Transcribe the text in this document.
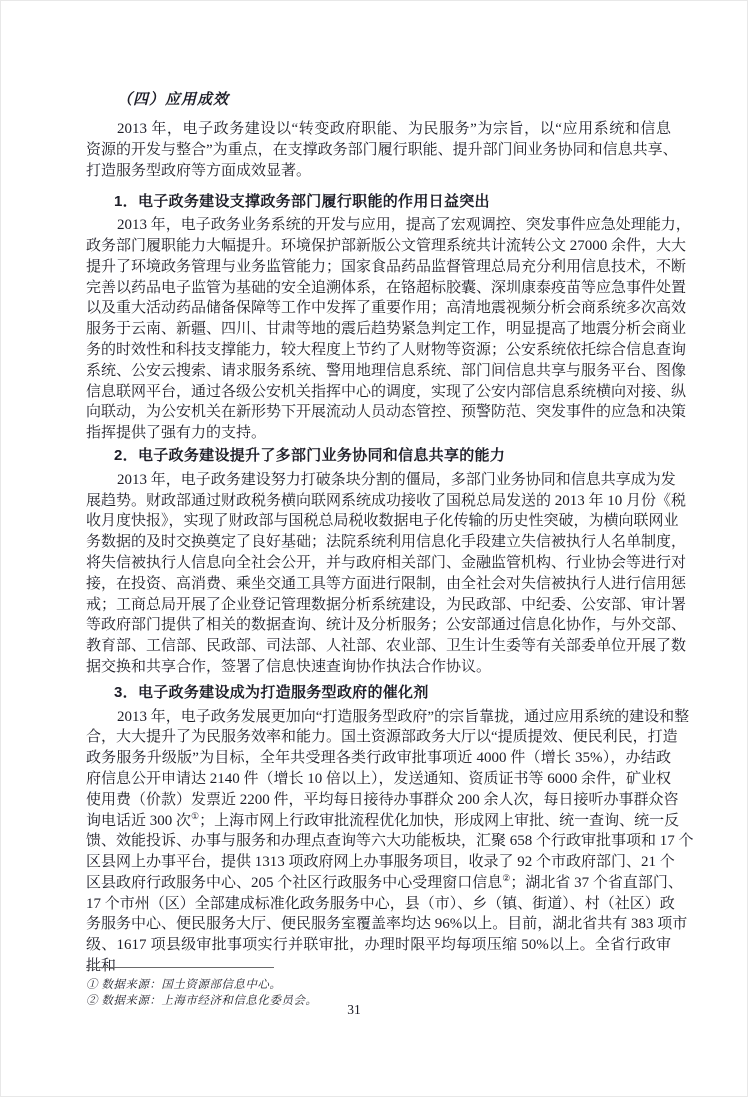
（四）应用成效
2013 年，电子政务建设以“转变政府职能、为民服务”为宗旨，以“应用系统和信息
资源的开发与整合”为重点，在支撑政务部门履行职能、提升部门间业务协同和信息共享、
打造服务型政府等方面成效显著。
1．电子政务建设支撑政务部门履行职能的作用日益突出
2013 年，电子政务业务系统的开发与应用，提高了宏观调控、突发事件应急处理能力，
政务部门履职能力大幅提升。环境保护部新版公文管理系统共计流转公文 27000 余件，大大
提升了环境政务管理与业务监管能力；国家食品药品监督管理总局充分利用信息技术，不断
完善以药品电子监管为基础的安全追溯体系，在铬超标胶囊、深圳康泰疫苗等应急事件处置
以及重大活动药品储备保障等工作中发挥了重要作用；高清地震视频分析会商系统多次高效
服务于云南、新疆、四川、甘肃等地的震后趋势紧急判定工作，明显提高了地震分析会商业
务的时效性和科技支撑能力，较大程度上节约了人财物等资源；公安系统依托综合信息查询
系统、公安云搜索、请求服务系统、警用地理信息系统、部门间信息共享与服务平台、图像
信息联网平台，通过各级公安机关指挥中心的调度，实现了公安内部信息系统横向对接、纵
向联动，为公安机关在新形势下开展流动人员动态管控、预警防范、突发事件的应急和决策
指挥提供了强有力的支持。
2．电子政务建设提升了多部门业务协同和信息共享的能力
2013 年，电子政务建设努力打破条块分割的僵局，多部门业务协同和信息共享成为发
展趋势。财政部通过财政税务横向联网系统成功接收了国税总局发送的 2013 年 10 月份《税
收月度快报》，实现了财政部与国税总局税收数据电子化传输的历史性突破，为横向联网业
务数据的及时交换奠定了良好基础；法院系统利用信息化手段建立失信被执行人名单制度，
将失信被执行人信息向全社会公开，并与政府相关部门、金融监管机构、行业协会等进行对
接，在投资、高消费、乘坐交通工具等方面进行限制，由全社会对失信被执行人进行信用惩
戒；工商总局开展了企业登记管理数据分析系统建设，为民政部、中纪委、公安部、审计署
等政府部门提供了相关的数据查询、统计及分析服务；公安部通过信息化协作，与外交部、
教育部、工信部、民政部、司法部、人社部、农业部、卫生计生委等有关部委单位开展了数
据交换和共享合作，签署了信息快速查询协作执法合作协议。
3．电子政务建设成为打造服务型政府的催化剂
2013 年，电子政务发展更加向“打造服务型政府”的宗旨靠拢，通过应用系统的建设和整
合，大大提升了为民服务效率和能力。国土资源部政务大厅以“提质提效、便民利民，打造
政务服务升级版”为目标，全年共受理各类行政审批事项近 4000 件（增长 35%），办结政
府信息公开申请达 2140 件（增长 10 倍以上），发送通知、资质证书等 6000 余件，矿业权
使用费（价款）发票近 2200 件，平均每日接待办事群众 200 余人次，每日接听办事群众咨
询电话近 300 次①；上海市网上行政审批流程优化加快，形成网上审批、统一查询、统一反
馈、效能投诉、办事与服务和办理点查询等六大功能板块，汇聚 658 个行政审批事项和 17 个
区县网上办事平台，提供 1313 项政府网上办事服务项目，收录了 92 个市政府部门、21 个
区县政府行政服务中心、205 个社区行政服务中心受理窗口信息②；湖北省 37 个省直部门、
17 个市州（区）全部建成标准化政务服务中心，县（市）、乡（镇、街道）、村（社区）政
务服务中心、便民服务大厅、便民服务室覆盖率均达 96%以上。目前，湖北省共有 383 项市
级、1617 项县级审批事项实行并联审批，办理时限平均每项压缩 50%以上。全省行政审批和
① 数据来源：国土资源部信息中心。
② 数据来源：上海市经济和信息化委员会。
31
